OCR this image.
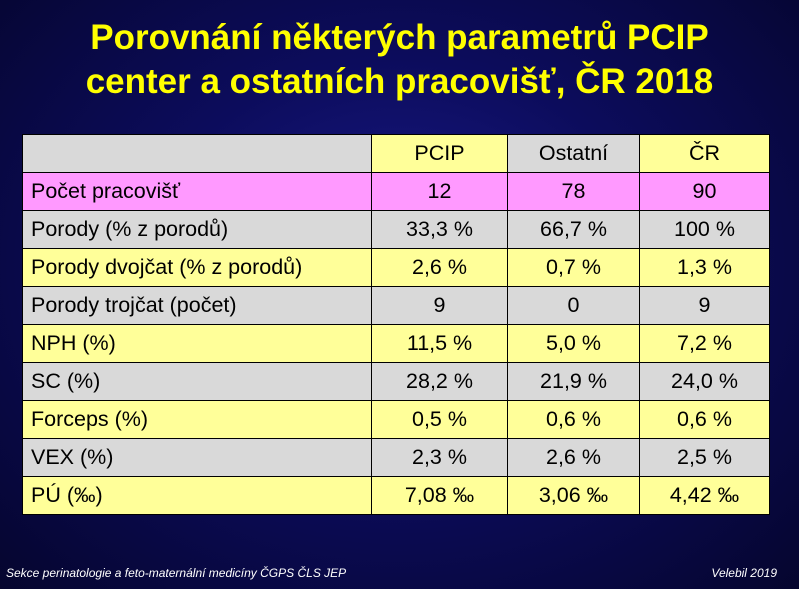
Porovnání některých parametrů PCIP
center a ostatních pracovišť, ČR 2018
	PCIP	Ostatní	ČR
Počet pracovišť	12	78	90
Porody (% z porodů)	33,3 %	66,7 %	100 %
Porody dvojčat (% z porodů)	2,6 %	0,7 %	1,3 %
Porody trojčat (počet)	9	0	9
NPH (%)	11,5 %	5,0 %	7,2 %
SC (%)	28,2 %	21,9 %	24,0 %
Forceps (%)	0,5 %	0,6 %	0,6 %
VEX (%)	2,3 %	2,6 %	2,5 %
PÚ (‰)	7,08 ‰	3,06 ‰	4,42 ‰
Sekce perinatologie a feto-maternální medicíny ČGPS ČLS JEP	Velebil 2019
